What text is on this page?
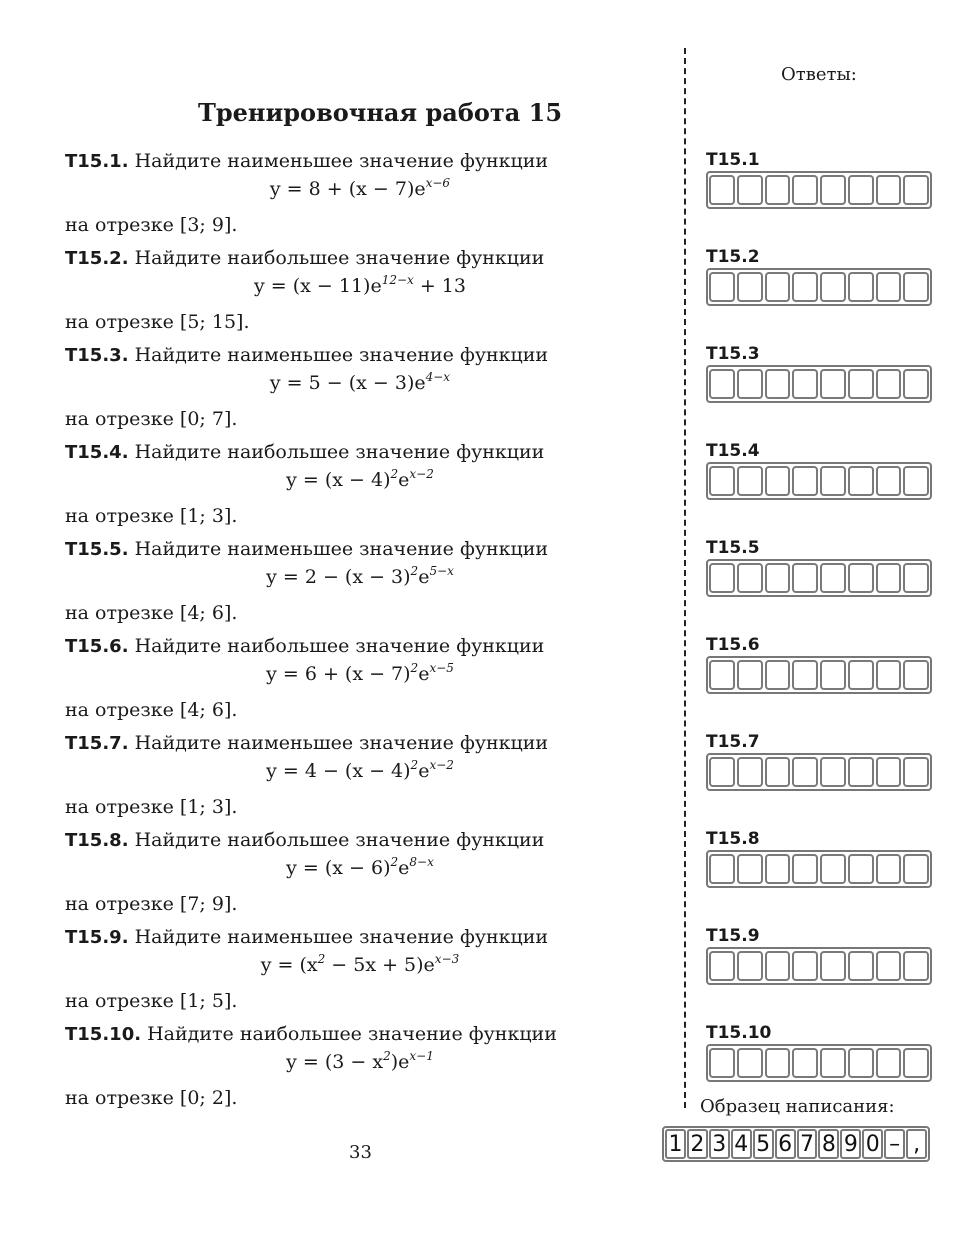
Тренировочная работа 15
Ответы:
Т15.1. Найдите наименьшее значение функции
$y = 8 + (x - 7)e^{x-6}$
на отрезке [3; 9].
Т15.2. Найдите наибольшее значение функции
$y = (x - 11)e^{12-x} + 13$
на отрезке [5; 15].
Т15.3. Найдите наименьшее значение функции
$y = 5 - (x - 3)e^{4-x}$
на отрезке [0; 7].
Т15.4. Найдите наибольшее значение функции
$y = (x - 4)^2e^{x-2}$
на отрезке [1; 3].
Т15.5. Найдите наименьшее значение функции
$y = 2 - (x - 3)^2e^{5-x}$
на отрезке [4; 6].
Т15.6. Найдите наибольшее значение функции
$y = 6 + (x - 7)^2e^{x-5}$
на отрезке [4; 6].
Т15.7. Найдите наименьшее значение функции
$y = 4 - (x - 4)^2e^{x-2}$
на отрезке [1; 3].
Т15.8. Найдите наибольшее значение функции
$y = (x - 6)^2e^{8-x}$
на отрезке [7; 9].
Т15.9. Найдите наименьшее значение функции
$y = (x^2 - 5x + 5)e^{x-3}$
на отрезке [1; 5].
Т15.10. Найдите наибольшее значение функции
$y = (3 - x^2)e^{x-1}$
на отрезке [0; 2].
Т15.1
Т15.2
Т15.3
Т15.4
Т15.5
Т15.6
Т15.7
Т15.8
Т15.9
Т15.10
Образец написания:
1 2 3 4 5 6 7 8 9 0 – ,
33
